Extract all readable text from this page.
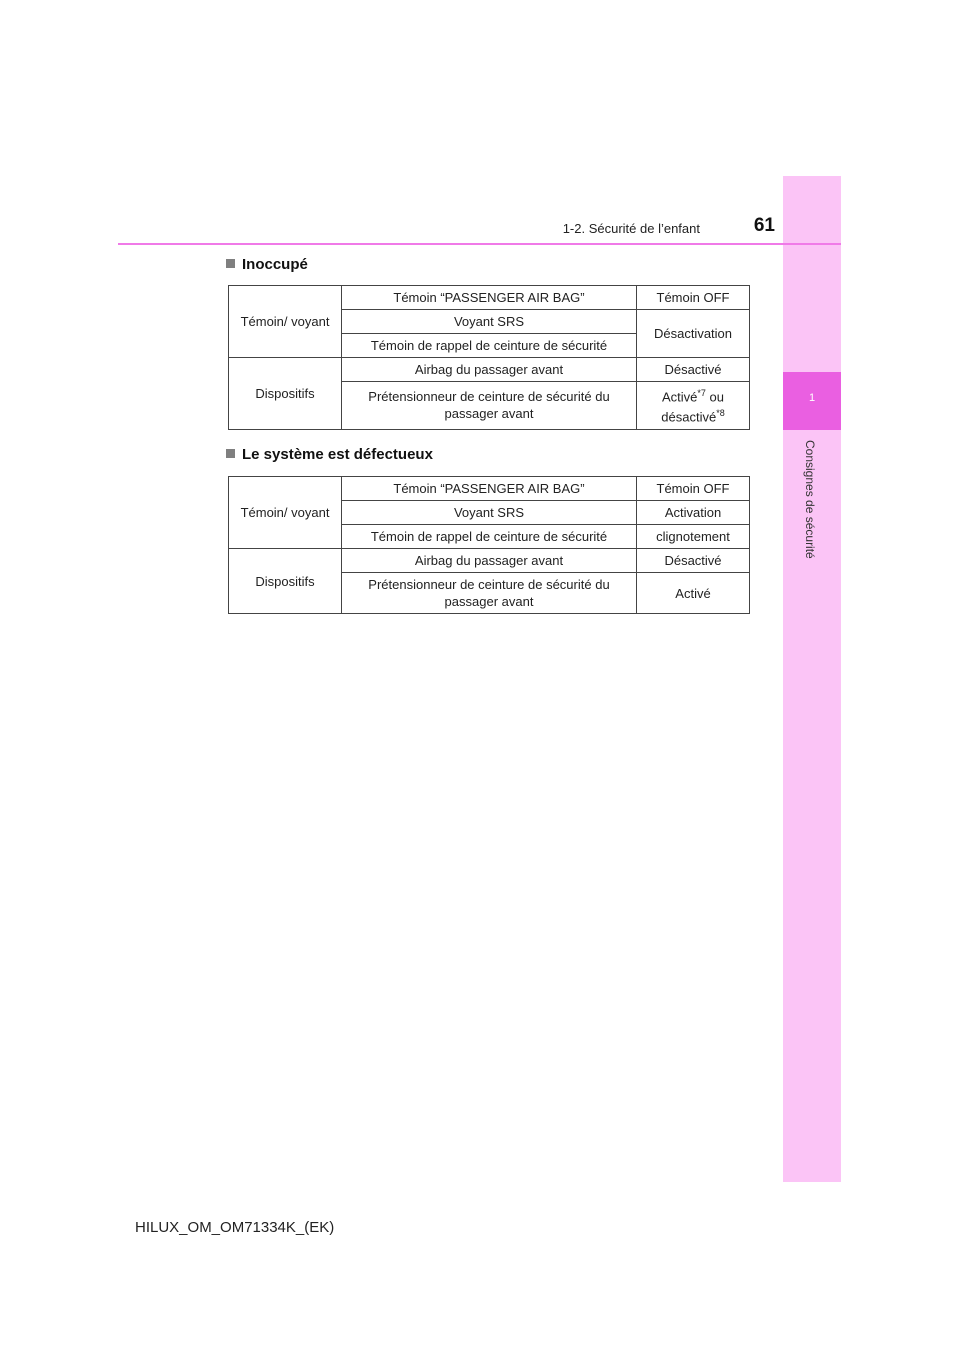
1
Consignes de sécurité
1-2. Sécurité de l’enfant	61
Inoccupé
Témoin/ voyant	Témoin “PASSENGER AIR BAG”	Témoin OFF
	Voyant SRS	Désactivation
	Témoin de rappel de ceinture de sécurité	
Dispositifs	Airbag du passager avant	Désactivé
	Prétensionneur de ceinture de sécurité du passager avant	Activé$^{*7}$ ou
désactivé$^{*8}$
Le système est défectueux
Témoin/ voyant	Témoin “PASSENGER AIR BAG”	Témoin OFF
	Voyant SRS	Activation
	Témoin de rappel de ceinture de sécurité	clignotement
Dispositifs	Airbag du passager avant	Désactivé
	Prétensionneur de ceinture de sécurité du passager avant	Activé
HILUX_OM_OM71334K_(EK)
